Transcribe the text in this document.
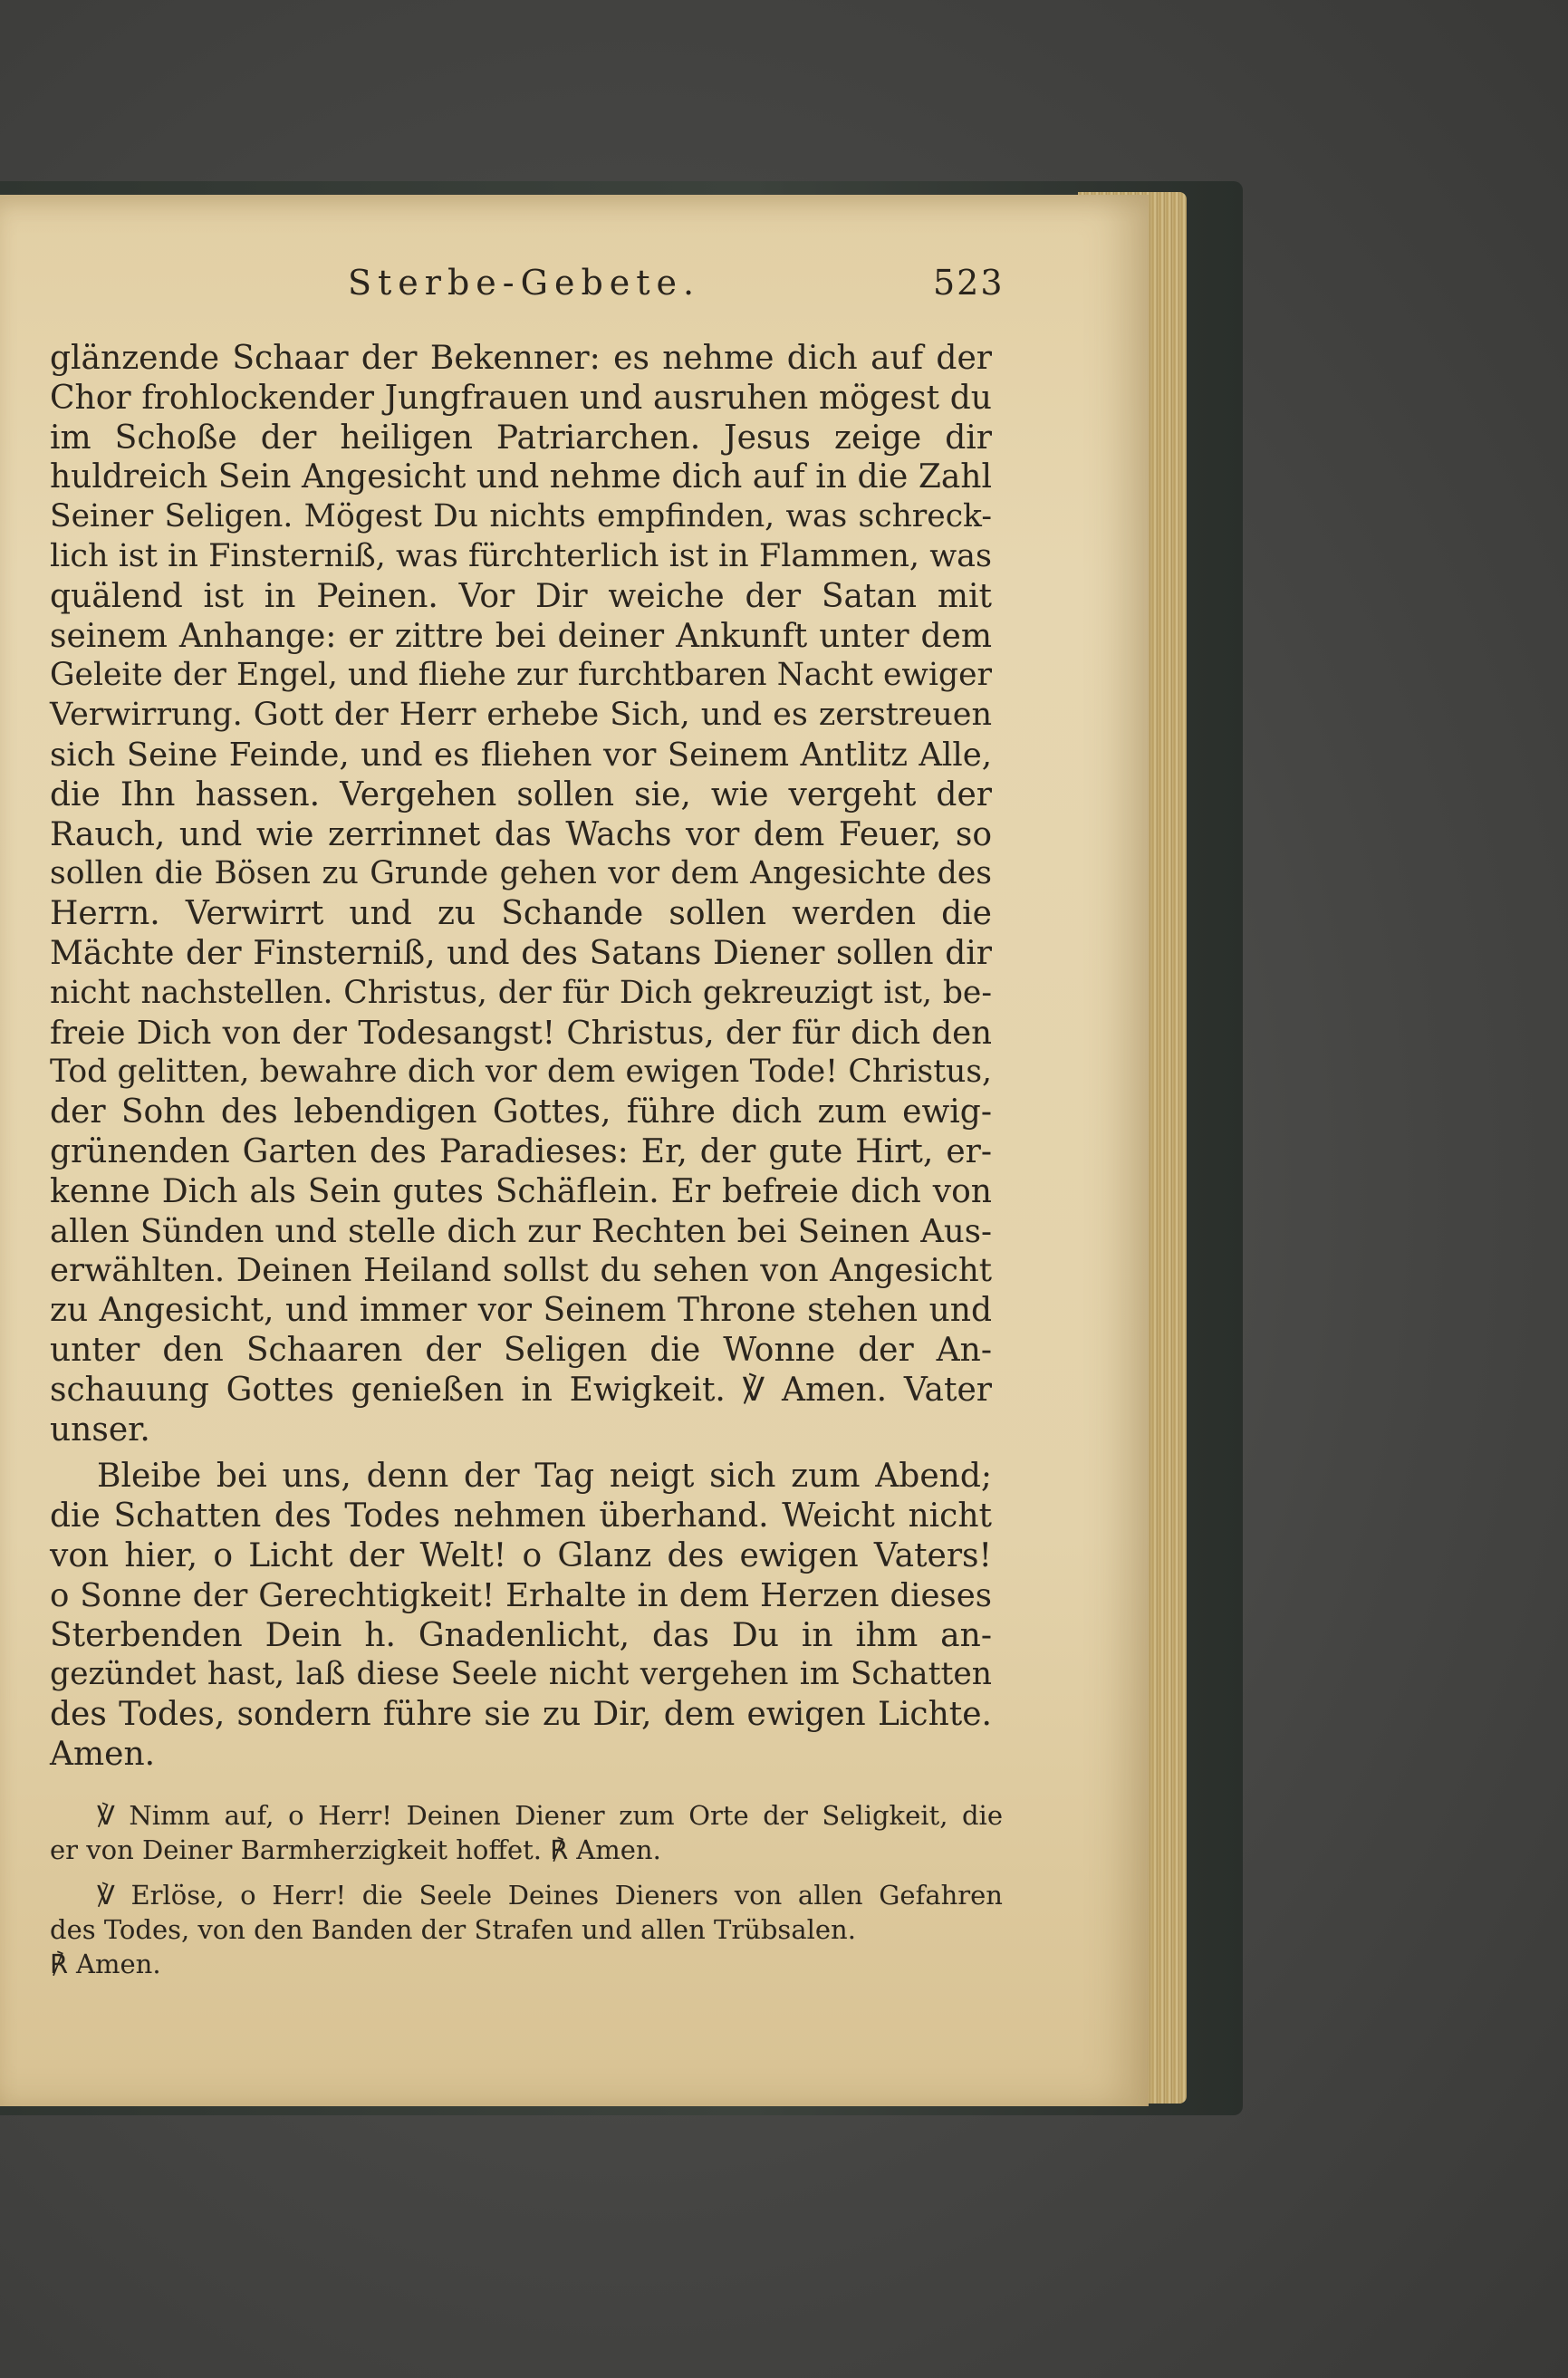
Sterbe-Gebete.	523
glänzende Schaar der Bekenner: es nehme dich auf der
Chor frohlockender Jungfrauen und ausruhen mögest du
im Schoße der heiligen Patriarchen. Jesus zeige dir
huldreich Sein Angesicht und nehme dich auf in die Zahl
Seiner Seligen. Mögest Du nichts empfinden, was schreck-
lich ist in Finsterniß, was fürchterlich ist in Flammen, was
quälend ist in Peinen. Vor Dir weiche der Satan mit
seinem Anhange: er zittre bei deiner Ankunft unter dem
Geleite der Engel, und fliehe zur furchtbaren Nacht ewiger
Verwirrung. Gott der Herr erhebe Sich, und es zerstreuen
sich Seine Feinde, und es fliehen vor Seinem Antlitz Alle,
die Ihn hassen. Vergehen sollen sie, wie vergeht der
Rauch, und wie zerrinnet das Wachs vor dem Feuer, so
sollen die Bösen zu Grunde gehen vor dem Angesichte des
Herrn. Verwirrt und zu Schande sollen werden die
Mächte der Finsterniß, und des Satans Diener sollen dir
nicht nachstellen. Christus, der für Dich gekreuzigt ist, be-
freie Dich von der Todesangst! Christus, der für dich den
Tod gelitten, bewahre dich vor dem ewigen Tode! Christus,
der Sohn des lebendigen Gottes, führe dich zum ewig-
grünenden Garten des Paradieses: Er, der gute Hirt, er-
kenne Dich als Sein gutes Schäflein. Er befreie dich von
allen Sünden und stelle dich zur Rechten bei Seinen Aus-
erwählten. Deinen Heiland sollst du sehen von Angesicht
zu Angesicht, und immer vor Seinem Throne stehen und
unter den Schaaren der Seligen die Wonne der An-
schauung Gottes genießen in Ewigkeit. ℣ Amen. Vater
unser.
Bleibe bei uns, denn der Tag neigt sich zum Abend;
die Schatten des Todes nehmen überhand. Weicht nicht
von hier, o Licht der Welt! o Glanz des ewigen Vaters!
o Sonne der Gerechtigkeit! Erhalte in dem Herzen dieses
Sterbenden Dein h. Gnadenlicht, das Du in ihm an-
gezündet hast, laß diese Seele nicht vergehen im Schatten
des Todes, sondern führe sie zu Dir, dem ewigen Lichte.
Amen.
℣ Nimm auf, o Herr! Deinen Diener zum Orte der Seligkeit, die
er von Deiner Barmherzigkeit hoffet. ℟ Amen.
℣ Erlöse, o Herr! die Seele Deines Dieners von allen Gefahren
des Todes, von den Banden der Strafen und allen Trübsalen.
℟ Amen.
